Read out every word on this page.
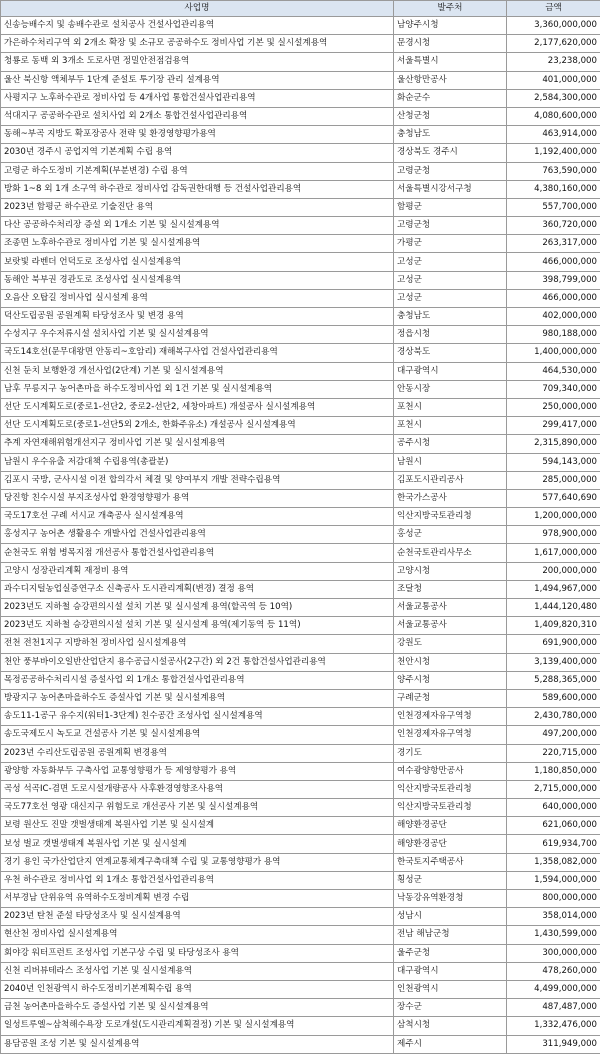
사업명	발주처	금액
신송능배수지 및 송배수관로 설치공사 건설사업관리용역	남양주시청	3,360,000,000
가은하수처리구역 외 2개소 확장 및 소규모 공공하수도 정비사업 기본 및 실시설계용역	문경시청	2,177,620,000
청룡로 동백 외 3개소 도로사면 정밀안전점검용역	서울특별시	23,238,000
울산 북신항 액체부두 1단계 준설토 투기장 관리 설계용역	울산항만공사	401,000,000
사평지구 노후하수관로 정비사업 등 4개사업 통합건설사업관리용역	화순군수	2,584,300,000
석대지구 공공하수관로 설치사업 외 2개소 통합건설사업관리용역	산청군청	4,080,600,000
동해~부곡 지방도 확포장공사 전략 및 환경영향평가용역	충청남도	463,914,000
2030년 경주시 공업지역 기본계획 수립 용역	경상북도 경주시	1,192,400,000
고령군 하수도정비 기본계획(부분변경) 수립 용역	고령군청	763,590,000
방화 1~8 외 1개 소구역 하수관로 정비사업 감독권한대행 등 건설사업관리용역	서울특별시강서구청	4,380,160,000
2023년 함평군 하수관로 기술진단 용역	함평군	557,700,000
다산 공공하수처리장 증설 외 1개소 기본 및 실시설계용역	고령군청	360,720,000
조종면 노후하수관로 정비사업 기본 및 실시설계용역	가평군	263,317,000
보랏빛 라벤더 언덕도로 조성사업 실시설계용역	고성군	466,000,000
동해안 북부권 경관도로 조성사업 실시설계용역	고성군	398,799,000
오음산 오탑길 정비사업 실시설계 용역	고성군	466,000,000
덕산도립공원 공원계획 타당성조사 및 변경 용역	충청남도	402,000,000
수성지구 우수저류시설 설치사업 기본 및 실시설계용역	정읍시청	980,188,000
국도14호선(문무대왕면 안동리~호암리) 재해복구사업 건설사업관리용역	경상북도	1,400,000,000
신천 둔치 보행환경 개선사업(2단계) 기본 및 실시설계용역	대구광역시	464,530,000
남후 무릉지구 농어촌마을 하수도정비사업 외 1건 기본 및 실시설계용역	안동시장	709,340,000
선단 도시계획도로(중로1-선단2, 중로2-선단2, 세창아파트) 개설공사 실시설계용역	포천시	250,000,000
선단 도시계획도로(중로1-선단5외 2개소, 한화주유소) 개설공사 실시설계용역	포천시	299,417,000
추계 자연재해위험개선지구 정비사업 기본 및 실시설계용역	공주시청	2,315,890,000
남원시 우수유출 저감대책 수립용역(총괄분)	남원시	594,143,000
김포시 국방, 군사시설 이전 합의각서 체결 및 양여부지 개발 전략수립용역	김포도시관리공사	285,000,000
당진항 친수시설 부지조성사업 환경영향평가 용역	한국가스공사	577,640,690
국도17호선 구례 서시교 개축공사 실시설계용역	익산지방국토관리청	1,200,000,000
홍성지구 농어촌 생활용수 개발사업 건설사업관리용역	홍성군	978,900,000
순천국도 위험 병목지점 개선공사 통합건설사업관리용역	순천국토관리사무소	1,617,000,000
고양시 성장관리계획 재정비 용역	고양시청	200,000,000
과수디지털농업실증연구소 신축공사 도시관리계획(변경) 결정 용역	조달청	1,494,967,000
2023년도 지하철 승강편의시설 설치 기본 및 실시설계 용역(할곡역 등 10역)	서울교통공사	1,444,120,480
2023년도 지하철 승강편의시설 설치 기본 및 실시설계 용역(제기동역 등 11역)	서울교통공사	1,409,820,310
전천 전천1지구 지방하천 정비사업 실시설계용역	강원도	691,900,000
천안 풍부바이오일반산업단지 용수공급시설공사(2구간) 외 2건 통합건설사업관리용역	천안시청	3,139,400,000
목정공공하수처리시설 증설사업 외 1개소 통합건설사업관리용역	양주시청	5,288,365,000
방광지구 농어촌마을하수도 증설사업 기본 및 실시설계용역	구례군청	589,600,000
송도11-1공구 유수지(워터1-3단계) 친수공간 조성사업 실시설계용역	인천경제자유구역청	2,430,780,000
송도국제도시 녹도교 건설공사 기본 및 실시설계용역	인천경제자유구역청	497,200,000
2023년 수리산도립공원 공원계획 변경용역	경기도	220,715,000
광양항 자동화부두 구축사업 교통영향평가 등 제영향평가 용역	여수광양항만공사	1,180,850,000
곡성 석곡IC-겸면 도로시설개량공사 사후환경영향조사용역	익산지방국토관리청	2,715,000,000
국도77호선 영광 대신지구 위험도로 개선공사 기본 및 실시설계용역	익산지방국토관리청	640,000,000
보령 원산도 진말 갯벌생태계 복원사업 기본 및 실시설계	해양환경공단	621,060,000
보성 벌교 갯벌생태계 복원사업 기본 및 실시설계	해양환경공단	619,934,700
경기 용인 국가산업단지 연계교통체계구축대책 수립 및 교통영향평가 용역	한국토지주택공사	1,358,082,000
우천 하수관로 정비사업 외 1개소 통합건설사업관리용역	횡성군	1,594,000,000
서부경남 단위유역 유역하수도정비계획 변경 수립	낙동강유역환경청	800,000,000
2023년 탄천 준설 타당성조사 및 실시설계용역	성남시	358,014,000
현산천 정비사업 실시설계용역	전남 해남군청	1,430,599,000
회야강 워터프런트 조성사업 기본구상 수립 및 타당성조사 용역	울주군청	300,000,000
신천 리버뷰테라스 조성사업 기본 및 실시설계용역	대구광역시	478,260,000
2040년 인천광역시 하수도정비기본계획수립 용역	인천광역시	4,499,000,000
금천 농어촌마을하수도 증설사업 기본 및 실시설계용역	장수군	487,487,000
일성트루엘~삼척해수욕장 도로개설(도시관리계획결정) 기본 및 실시설계용역	삼척시청	1,332,476,000
용담공원 조성 기본 및 실시설계용역	제주시	311,949,000
